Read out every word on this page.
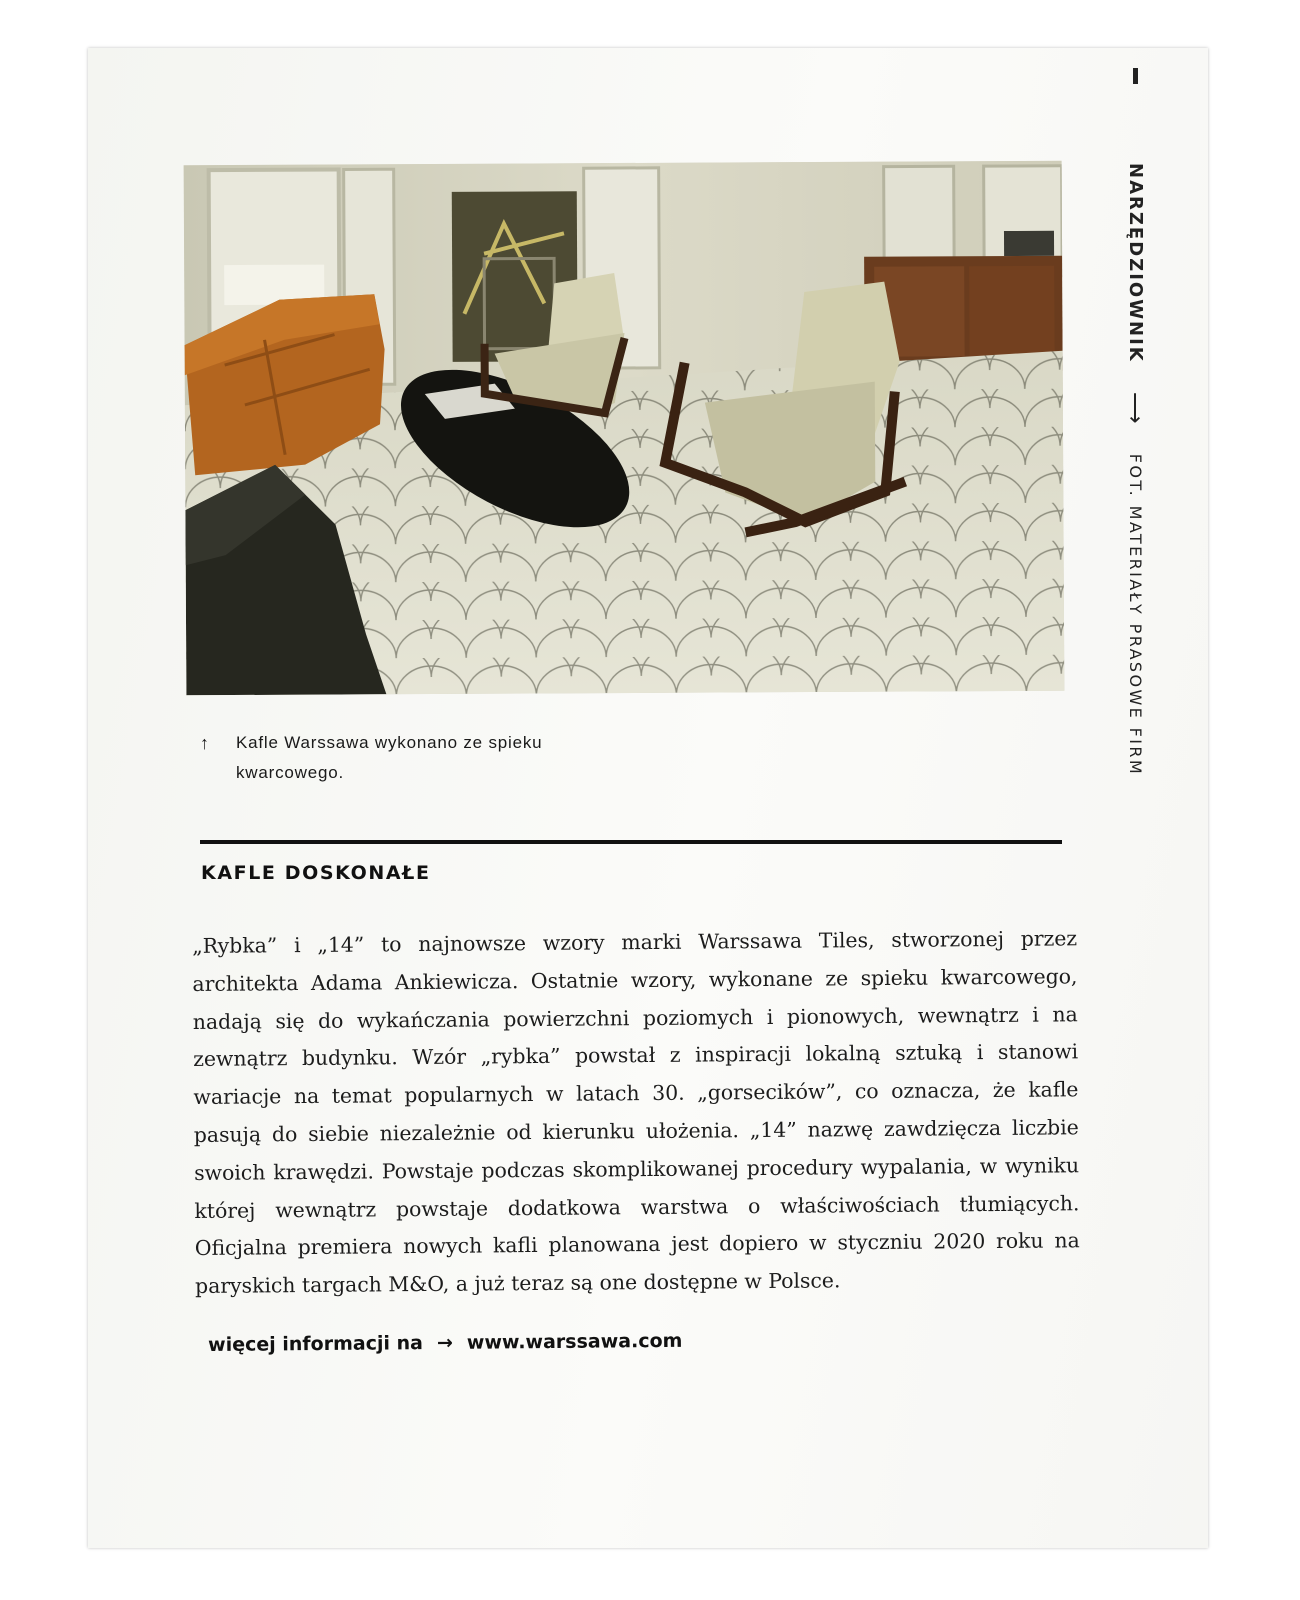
↑ Kafle Warssawa wykonano ze spieku kwarcowego.
KAFLE DOSKONAŁE
„Rybka” i „14” to najnowsze wzory marki Warssawa Tiles, stworzonej przez architekta Adama Ankiewicza. Ostatnie wzory, wykonane ze spieku kwarcowego, nadają się do wykańczania powierzchni poziomych i pionowych, wewnątrz i na zewnątrz budynku. Wzór „rybka” powstał z inspiracji lokalną sztuką i stanowi wariacje na temat popularnych w latach 30. „gorsecików”, co oznacza, że kafle pasują do siebie niezależnie od kierunku ułożenia. „14” nazwę zawdzięcza liczbie swoich krawędzi. Powstaje podczas skomplikowanej procedury wypalania, w wyniku której wewnątrz powstaje dodatkowa warstwa o właściwościach tłumiących. Oficjalna premiera nowych kafli planowana jest dopiero w styczniu 2020 roku na paryskich targach M&O, a już teraz są one dostępne w Polsce.
więcej informacji na → www.warssawa.com
NARZĘDZIOWNIK ⟶ FOT. MATERIAŁY PRASOWE FIRM
